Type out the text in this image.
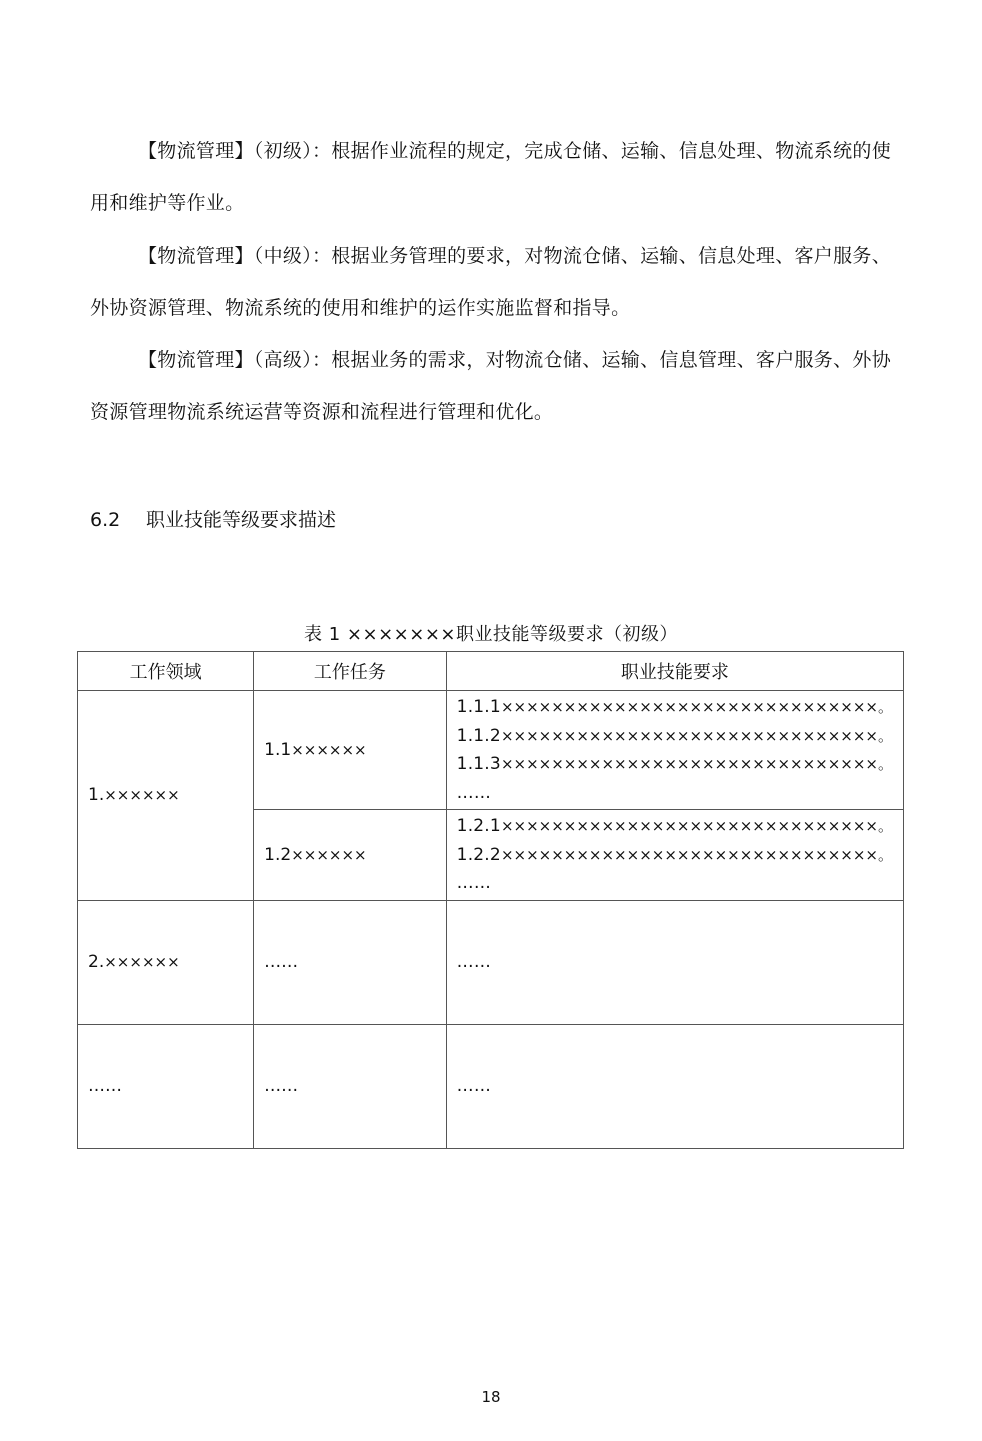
【物流管理】（初级）：根据作业流程的规定，完成仓储、运输、信息处理、物流系统的使用和维护等作业。
【物流管理】（中级）：根据业务管理的要求，对物流仓储、运输、信息处理、客户服务、外协资源管理、物流系统的使用和维护的运作实施监督和指导。
【物流管理】（高级）：根据业务的需求，对物流仓储、运输、信息管理、客户服务、外协资源管理物流系统运营等资源和流程进行管理和优化。
6.2 职业技能等级要求描述
表 1 ×××××××职业技能等级要求（初级）
工作领域	工作任务	职业技能要求
1.××××××	1.1××××××	1.1.1××××××××××××××××××××××××××××××。
1.1.2××××××××××××××××××××××××××××××。
1.1.3××××××××××××××××××××××××××××××。
……

	1.2××××××	1.2.1××××××××××××××××××××××××××××××。
1.2.2××××××××××××××××××××××××××××××。
……

2.××××××	……	……
……	……	……
18
